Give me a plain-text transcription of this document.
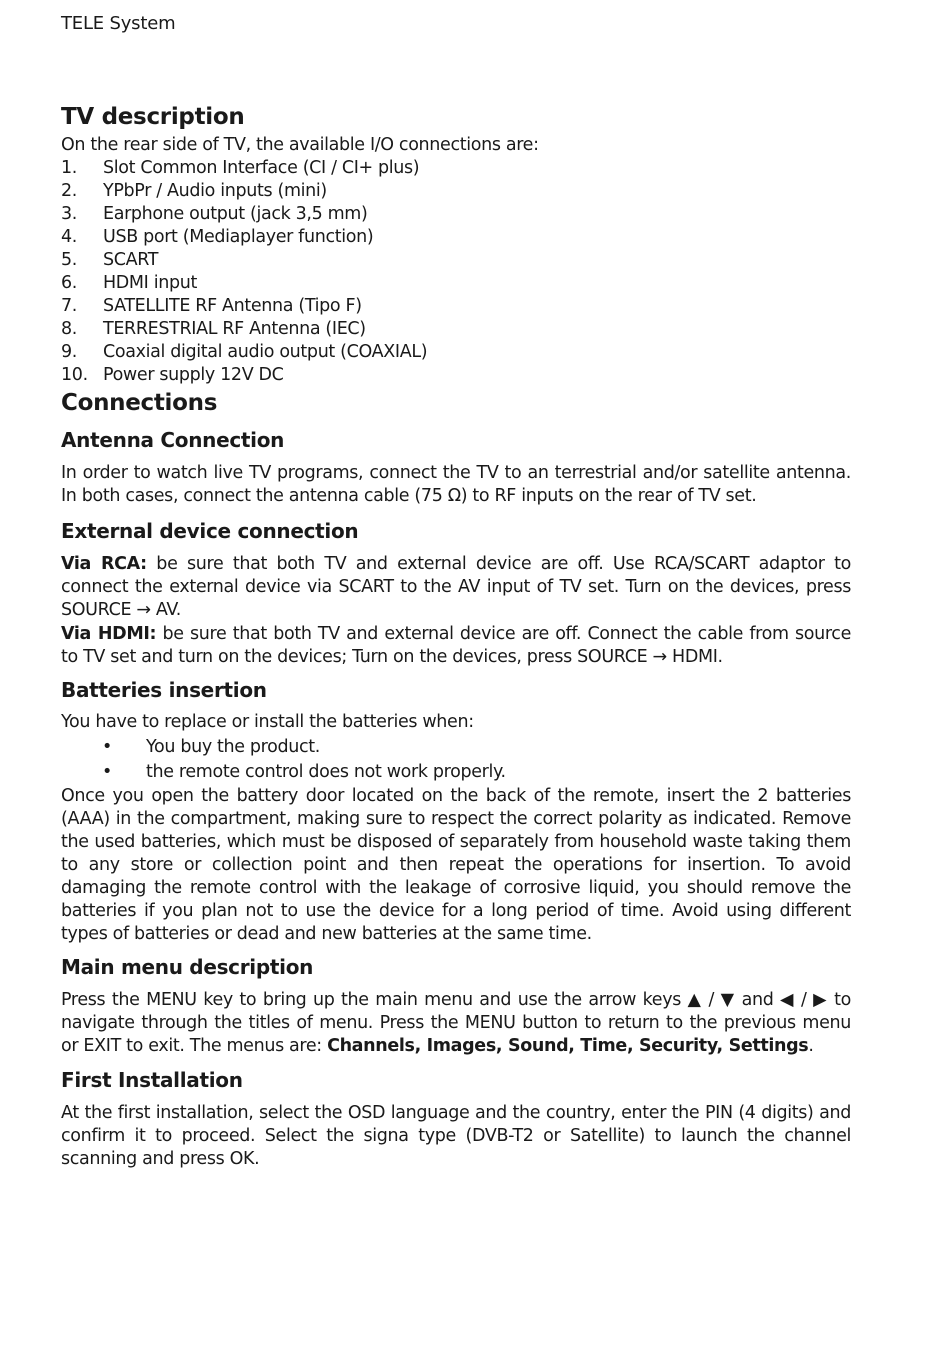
TELE System
TV description
On the rear side of TV, the available I/O connections are:
1. Slot Common Interface (CI / CI+ plus)
2. YPbPr / Audio inputs (mini)
3. Earphone output (jack 3,5 mm)
4. USB port (Mediaplayer function)
5. SCART
6. HDMI input
7. SATELLITE RF Antenna (Tipo F)
8. TERRESTRIAL RF Antenna (IEC)
9. Coaxial digital audio output (COAXIAL)
10. Power supply 12V DC
Connections
Antenna Connection
In order to watch live TV programs, connect the TV to an terrestrial and/or satellite antenna. In both cases, connect the antenna cable (75 Ω) to RF inputs on the rear of TV set.
External device connection
Via RCA: be sure that both TV and external device are off. Use RCA/SCART adaptor to connect the external device via SCART to the AV input of TV set. Turn on the devices, press SOURCE → AV.
Via HDMI: be sure that both TV and external device are off. Connect the cable from source to TV set and turn on the devices; Turn on the devices, press SOURCE → HDMI.
Batteries insertion
You have to replace or install the batteries when:
• You buy the product.
• the remote control does not work properly.
Once you open the battery door located on the back of the remote, insert the 2 batteries (AAA) in the compartment, making sure to respect the correct polarity as indicated. Remove the used batteries, which must be disposed of separately from household waste taking them to any store or collection point and then repeat the operations for insertion. To avoid damaging the remote control with the leakage of corrosive liquid, you should remove the batteries if you plan not to use the device for a long period of time. Avoid using different types of batteries or dead and new batteries at the same time.
Main menu description
Press the MENU key to bring up the main menu and use the arrow keys ▲ / ▼ and ◀ / ▶ to navigate through the titles of menu. Press the MENU button to return to the previous menu or EXIT to exit. The menus are: Channels, Images, Sound, Time, Security, Settings.
First Installation
At the first installation, select the OSD language and the country, enter the PIN (4 digits) and confirm it to proceed. Select the signa type (DVB-T2 or Satellite) to launch the channel scanning and press OK.
